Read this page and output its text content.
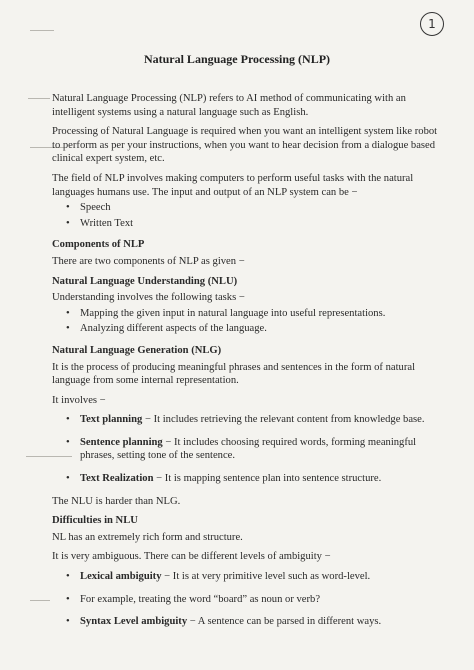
1
Natural Language Processing (NLP)

Natural Language Processing (NLP) refers to AI method of communicating with an intelligent systems using a natural language such as English.

Processing of Natural Language is required when you want an intelligent system like robot to perform as per your instructions, when you want to hear decision from a dialogue based clinical expert system, etc.

The field of NLP involves making computers to perform useful tasks with the natural languages humans use. The input and output of an NLP system can be −

• Speech
• Written Text
Components of NLP

There are two components of NLP as given −

Natural Language Understanding (NLU)

Understanding involves the following tasks −

• Mapping the given input in natural language into useful representations.
• Analyzing different aspects of the language.
Natural Language Generation (NLG)

It is the process of producing meaningful phrases and sentences in the form of natural language from some internal representation.

It involves −

• Text planning − It includes retrieving the relevant content from knowledge base.
• Sentence planning − It includes choosing required words, forming meaningful phrases, setting tone of the sentence.
• Text Realization − It is mapping sentence plan into sentence structure.

The NLU is harder than NLG.

Difficulties in NLU

NL has an extremely rich form and structure.

It is very ambiguous. There can be different levels of ambiguity −

• Lexical ambiguity − It is at very primitive level such as word-level.
• For example, treating the word “board” as noun or verb?
• Syntax Level ambiguity − A sentence can be parsed in different ways.
